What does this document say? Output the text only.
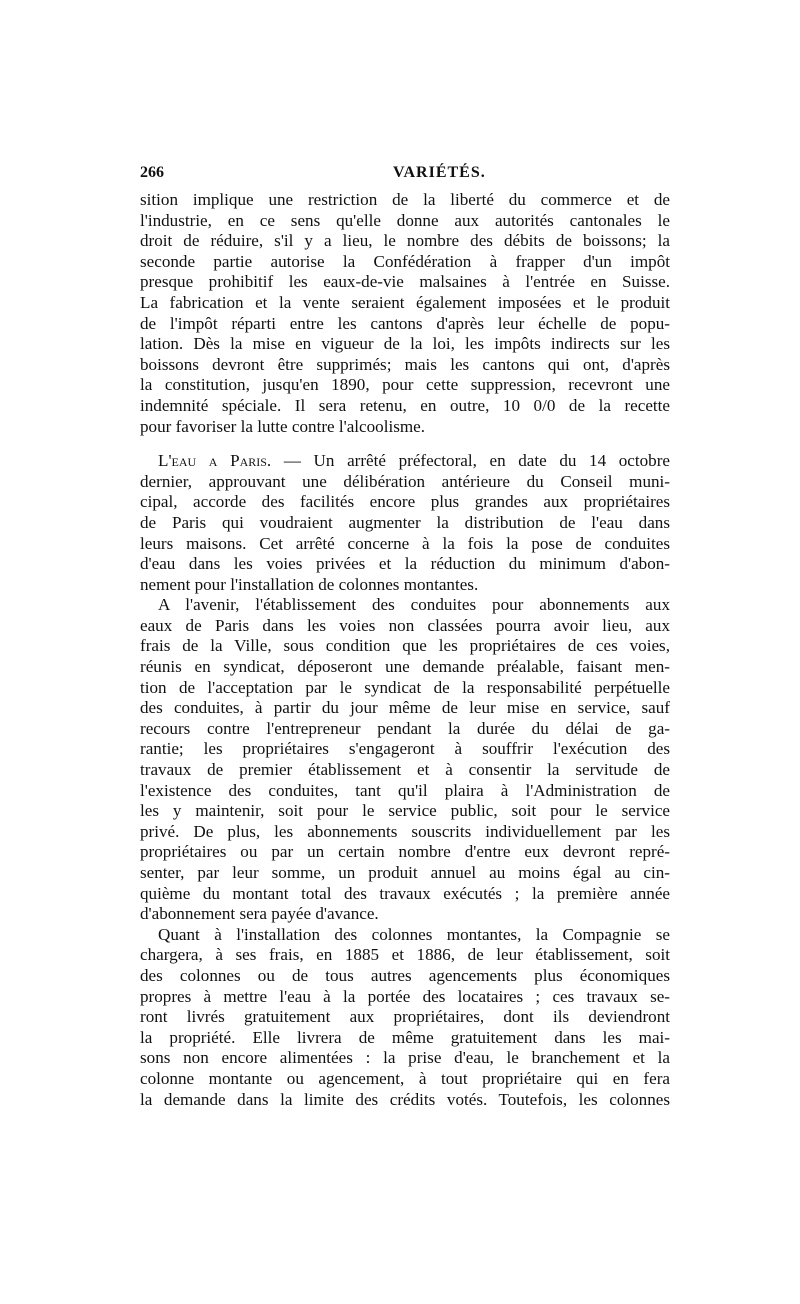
266	VARIÉTÉS.
sition implique une restriction de la liberté du commerce et de
l'industrie, en ce sens qu'elle donne aux autorités cantonales le
droit de réduire, s'il y a lieu, le nombre des débits de boissons; la
seconde partie autorise la Confédération à frapper d'un impôt
presque prohibitif les eaux-de-vie malsaines à l'entrée en Suisse.
La fabrication et la vente seraient également imposées et le produit
de l'impôt réparti entre les cantons d'après leur échelle de popu-
lation. Dès la mise en vigueur de la loi, les impôts indirects sur les
boissons devront être supprimés; mais les cantons qui ont, d'après
la constitution, jusqu'en 1890, pour cette suppression, recevront une
indemnité spéciale. Il sera retenu, en outre, 10 0/0 de la recette
pour favoriser la lutte contre l'alcoolisme.
L'eau a Paris. — Un arrêté préfectoral, en date du 14 octobre
dernier, approuvant une délibération antérieure du Conseil muni-
cipal, accorde des facilités encore plus grandes aux propriétaires
de Paris qui voudraient augmenter la distribution de l'eau dans
leurs maisons. Cet arrêté concerne à la fois la pose de conduites
d'eau dans les voies privées et la réduction du minimum d'abon-
nement pour l'installation de colonnes montantes.
A l'avenir, l'établissement des conduites pour abonnements aux
eaux de Paris dans les voies non classées pourra avoir lieu, aux
frais de la Ville, sous condition que les propriétaires de ces voies,
réunis en syndicat, déposeront une demande préalable, faisant men-
tion de l'acceptation par le syndicat de la responsabilité perpétuelle
des conduites, à partir du jour même de leur mise en service, sauf
recours contre l'entrepreneur pendant la durée du délai de ga-
rantie; les propriétaires s'engageront à souffrir l'exécution des
travaux de premier établissement et à consentir la servitude de
l'existence des conduites, tant qu'il plaira à l'Administration de
les y maintenir, soit pour le service public, soit pour le service
privé. De plus, les abonnements souscrits individuellement par les
propriétaires ou par un certain nombre d'entre eux devront repré-
senter, par leur somme, un produit annuel au moins égal au cin-
quième du montant total des travaux exécutés ; la première année
d'abonnement sera payée d'avance.
Quant à l'installation des colonnes montantes, la Compagnie se
chargera, à ses frais, en 1885 et 1886, de leur établissement, soit
des colonnes ou de tous autres agencements plus économiques
propres à mettre l'eau à la portée des locataires ; ces travaux se-
ront livrés gratuitement aux propriétaires, dont ils deviendront
la propriété. Elle livrera de même gratuitement dans les mai-
sons non encore alimentées : la prise d'eau, le branchement et la
colonne montante ou agencement, à tout propriétaire qui en fera
la demande dans la limite des crédits votés. Toutefois, les colonnes
